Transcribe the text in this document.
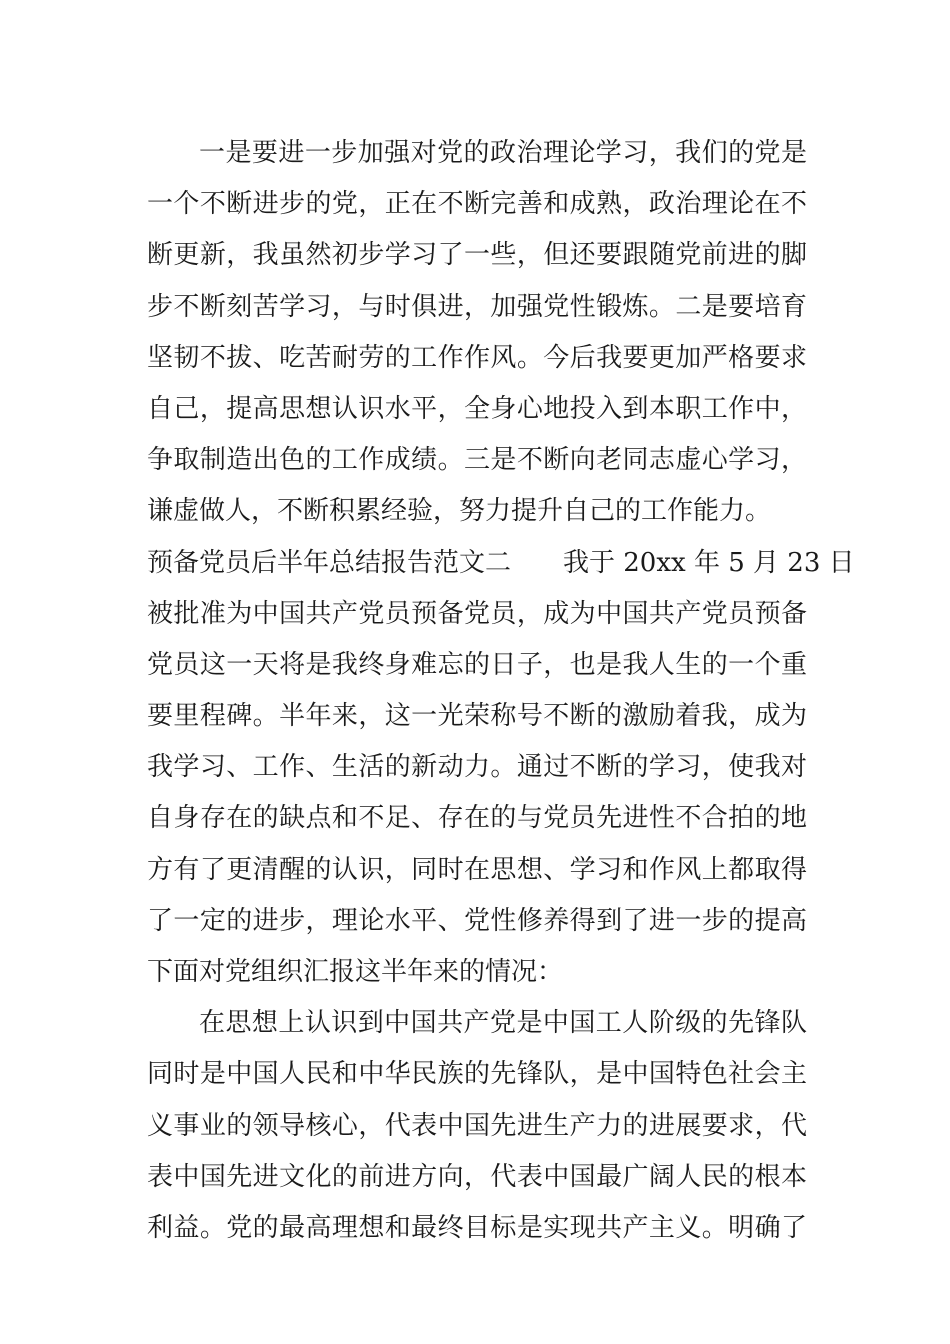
一是要进一步加强对党的政治理论学习，我们的党是
一个不断进步的党，正在不断完善和成熟，政治理论在不
断更新，我虽然初步学习了一些，但还要跟随党前进的脚
步不断刻苦学习，与时俱进，加强党性锻炼。二是要培育
坚韧不拔、吃苦耐劳的工作作风。今后我要更加严格要求
自己，提高思想认识水平，全身心地投入到本职工作中，
争取制造出色的工作成绩。三是不断向老同志虚心学习，
谦虚做人，不断积累经验，努力提升自己的工作能力。
预备党员后半年总结报告范文二　　我于 20xx 年 5 月 23 日
被批准为中国共产党员预备党员，成为中国共产党员预备
党员这一天将是我终身难忘的日子，也是我人生的一个重
要里程碑。半年来，这一光荣称号不断的激励着我，成为
我学习、工作、生活的新动力。通过不断的学习，使我对
自身存在的缺点和不足、存在的与党员先进性不合拍的地
方有了更清醒的认识，同时在思想、学习和作风上都取得
了一定的进步，理论水平、党性修养得到了进一步的提高
下面对党组织汇报这半年来的情况：
在思想上认识到中国共产党是中国工人阶级的先锋队
同时是中国人民和中华民族的先锋队，是中国特色社会主
义事业的领导核心，代表中国先进生产力的进展要求，代
表中国先进文化的前进方向，代表中国最广阔人民的根本
利益。党的最高理想和最终目标是实现共产主义。明确了
